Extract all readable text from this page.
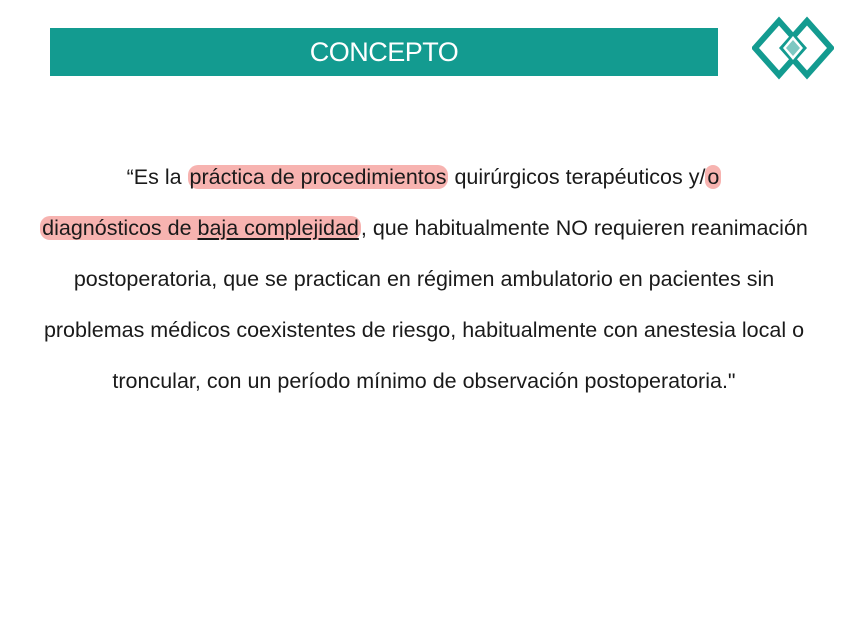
CONCEPTO
“Es la práctica de procedimientos quirúrgicos terapéuticos y/o
diagnósticos de baja complejidad, que habitualmente NO requieren reanimación postoperatoria, que se practican en régimen ambulatorio en pacientes sin problemas médicos coexistentes de riesgo, habitualmente con anestesia local o troncular, con un período mínimo de observación postoperatoria."
